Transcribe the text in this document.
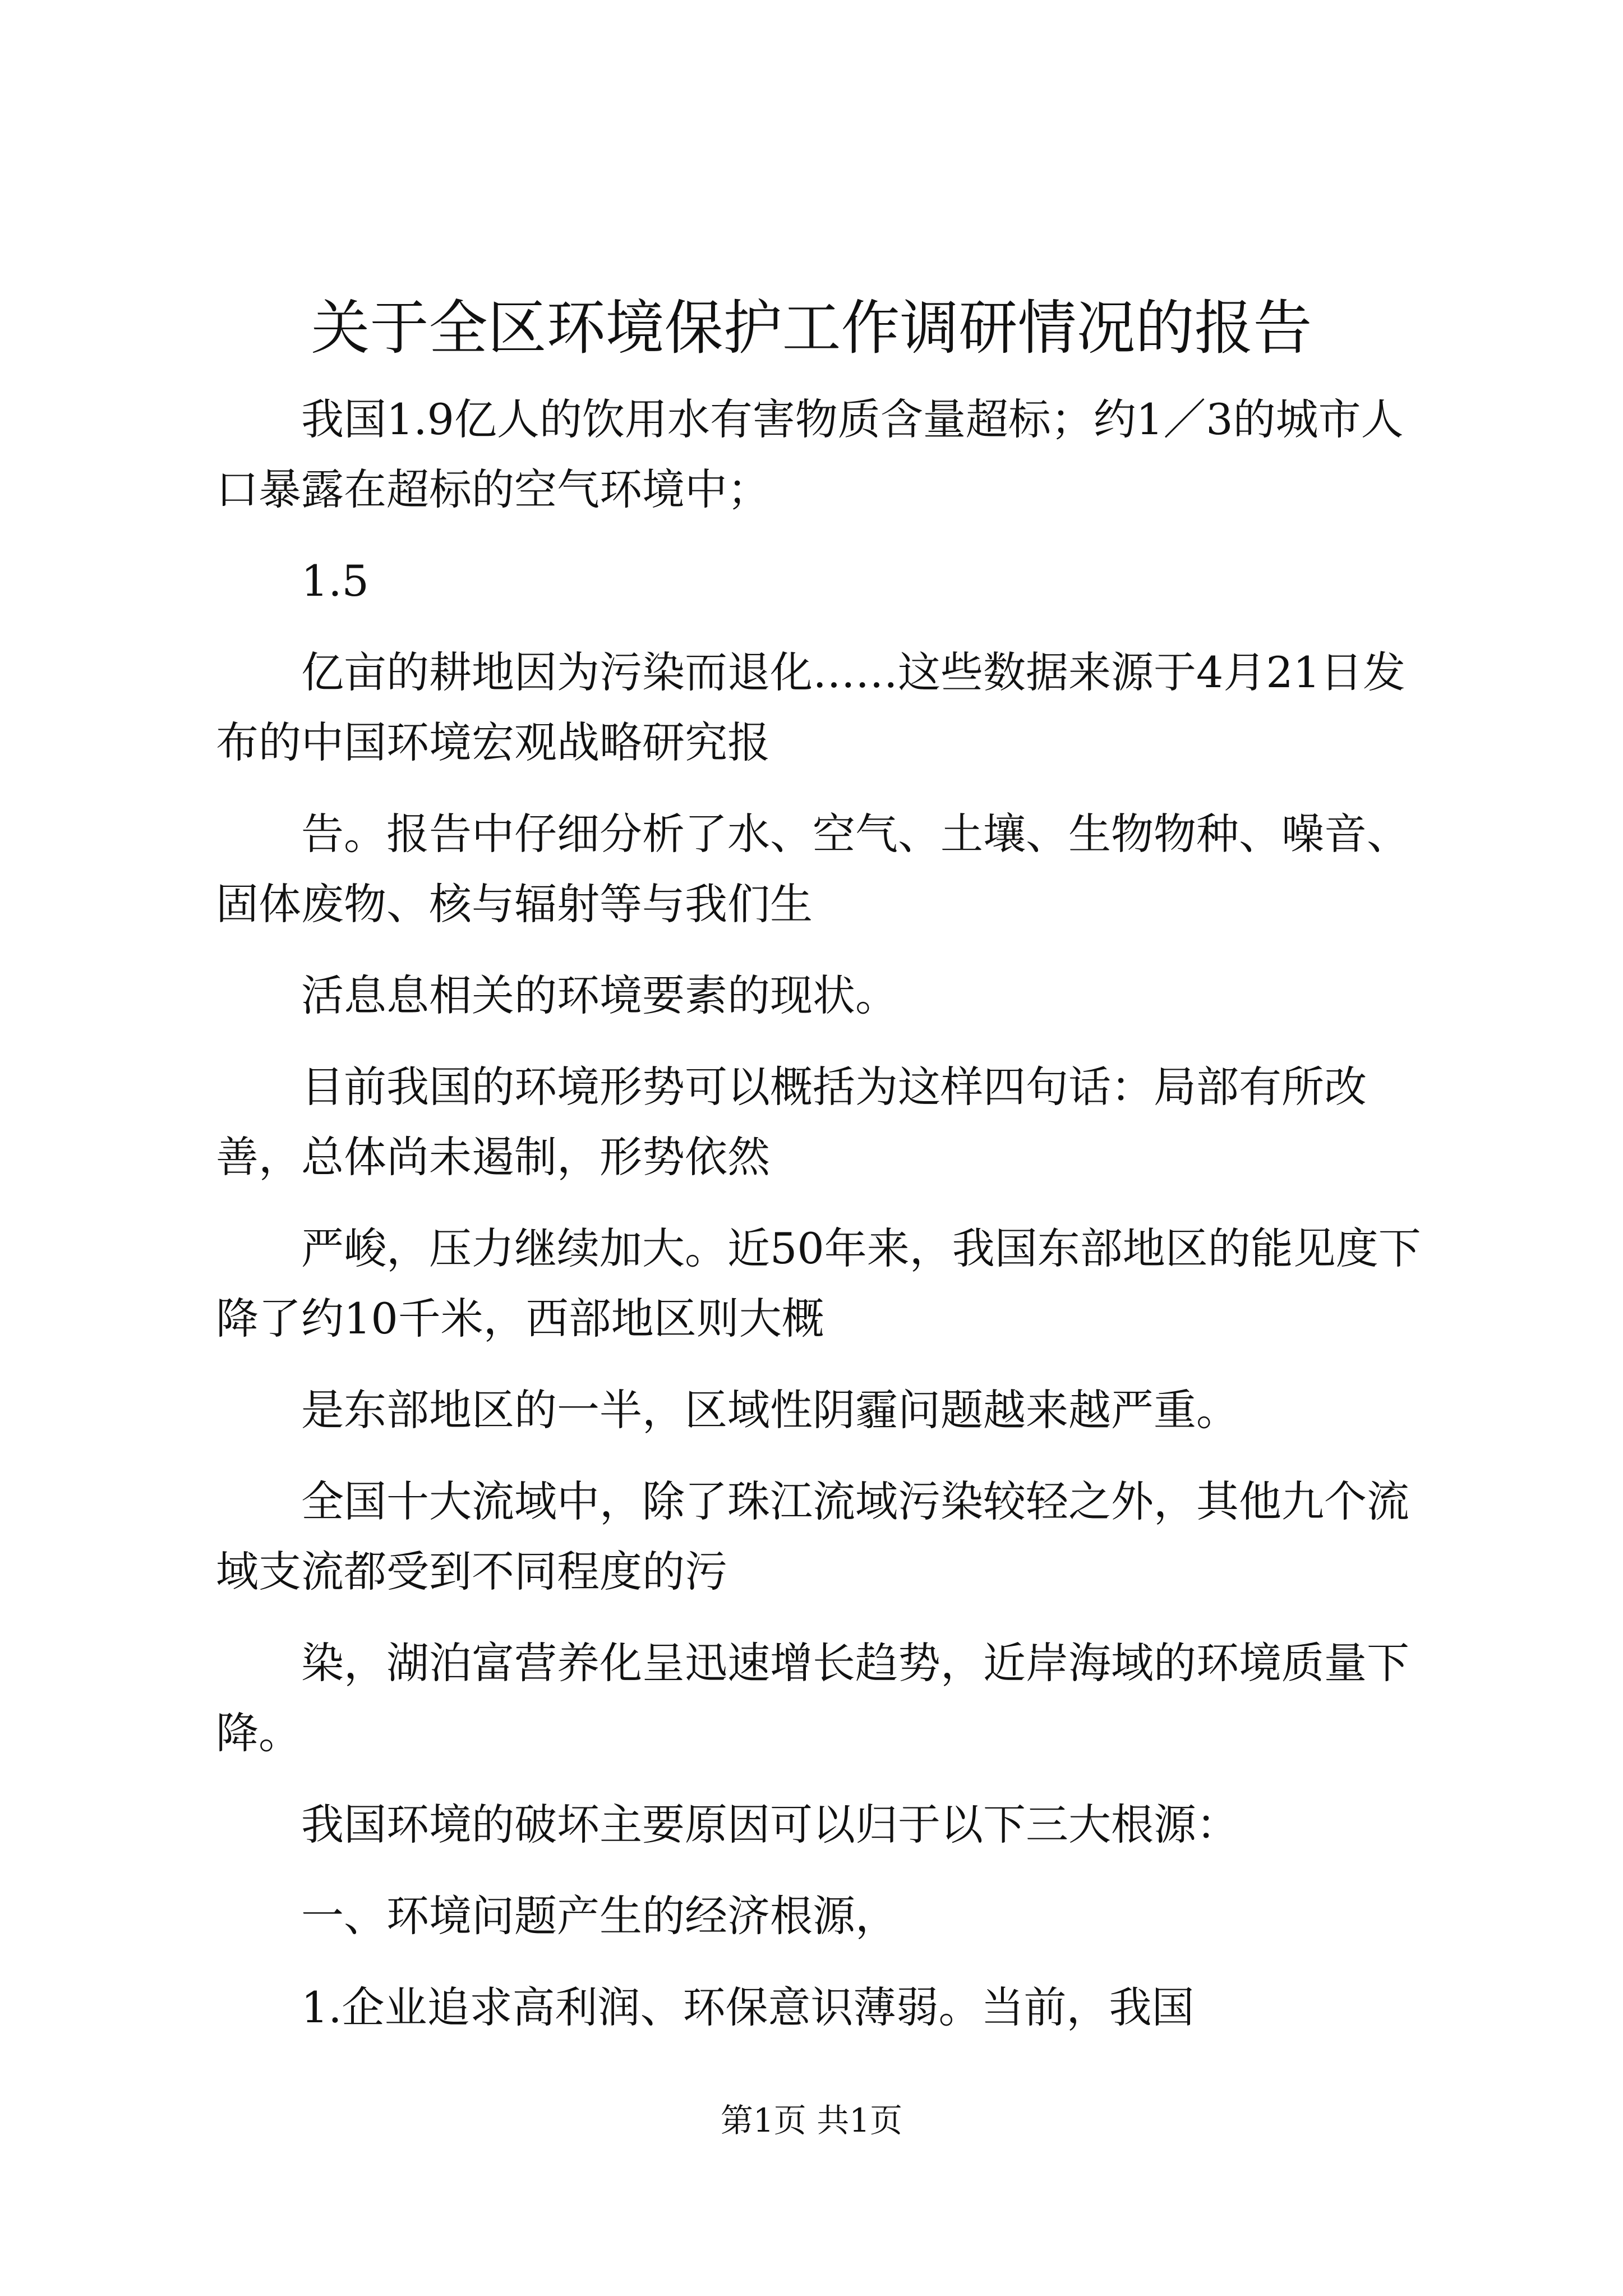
关于全区环境保护工作调研情况的报告

我国1.9亿人的饮用水有害物质含量超标；约1／3的城市人口暴露在超标的空气环境中；

1.5

亿亩的耕地因为污染而退化……这些数据来源于4月21日发布的中国环境宏观战略研究报

告。报告中仔细分析了水、空气、土壤、生物物种、噪音、固体废物、核与辐射等与我们生

活息息相关的环境要素的现状。

目前我国的环境形势可以概括为这样四句话：局部有所改善，总体尚未遏制，形势依然

严峻，压力继续加大。近50年来，我国东部地区的能见度下降了约10千米，西部地区则大概

是东部地区的一半，区域性阴霾问题越来越严重。

全国十大流域中，除了珠江流域污染较轻之外，其他九个流域支流都受到不同程度的污

染，湖泊富营养化呈迅速增长趋势，近岸海域的环境质量下降。

我国环境的破坏主要原因可以归于以下三大根源：

一、环境问题产生的经济根源，

1.企业追求高利润、环保意识薄弱。当前，我国

第1页 共1页
